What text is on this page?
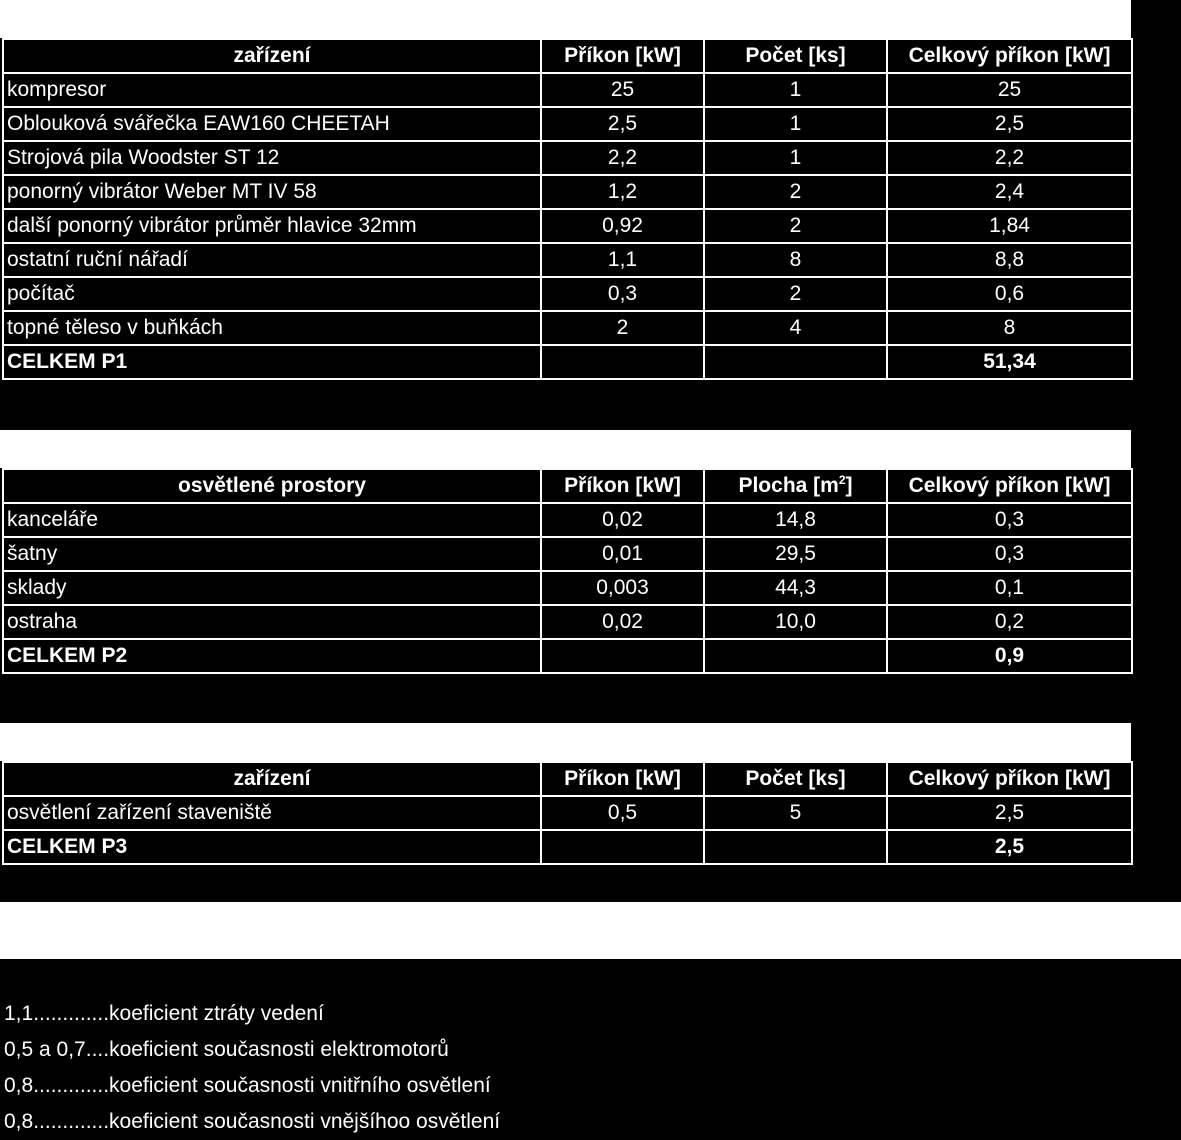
zařízení	Příkon [kW]	Počet [ks]	Celkový příkon [kW]
kompresor	25	1	25
Oblouková svářečka EAW160 CHEETAH	2,5	1	2,5
Strojová pila Woodster ST 12	2,2	1	2,2
ponorný vibrátor Weber MT IV 58	1,2	2	2,4
další ponorný vibrátor průměr hlavice 32mm	0,92	2	1,84
ostatní ruční nářadí	1,1	8	8,8
počítač	0,3	2	0,6
topné těleso v buňkách	2	4	8
CELKEM P1			51,34

osvětlené prostory	Příkon [kW]	Plocha $[m^2]$	Celkový příkon [kW]
kanceláře	0,02	14,8	0,3
šatny	0,01	29,5	0,3
sklady	0,003	44,3	0,1
ostraha	0,02	10,0	0,2
CELKEM P2			0,9

zařízení	Příkon [kW]	Počet [ks]	Celkový příkon [kW]
osvětlení zařízení staveniště	0,5	5	2,5
CELKEM P3			2,5
1,1.............koeficient ztráty vedení
0,5 a 0,7....koeficient současnosti elektromotorů
0,8.............koeficient současnosti vnitřního osvětlení
0,8.............koeficient současnosti vnějšíhoo osvětlení
